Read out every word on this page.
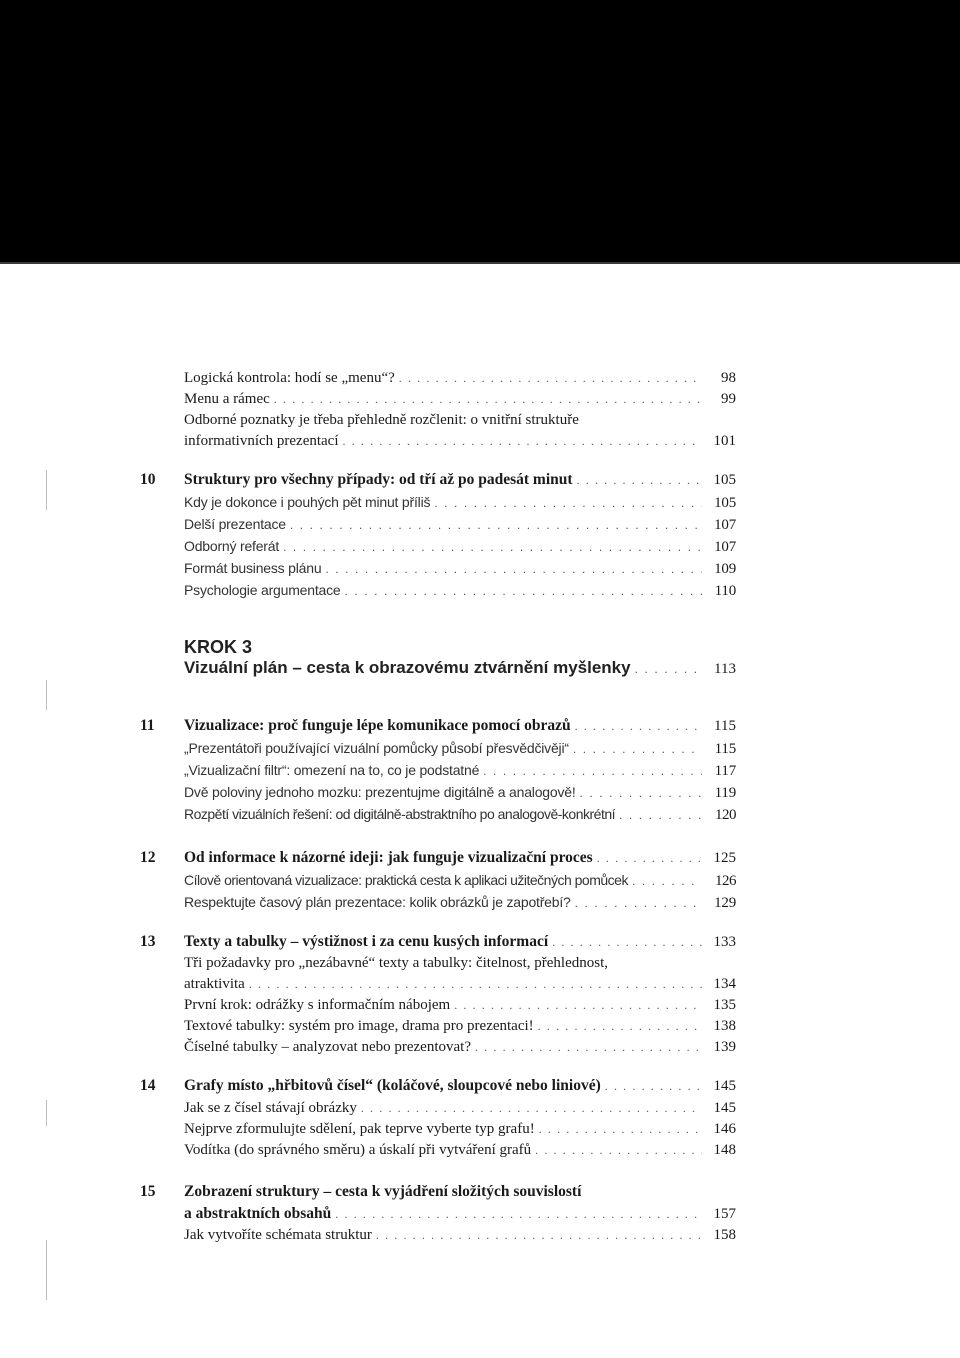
Logická kontrola: hodí se „menu“? . . .	98
Menu a rámec . . .	99
Odborné poznatky je třeba přehledně rozčlenit: o vnitřní struktuře
informativních prezentací . . .	101
10	Struktury pro všechny případy: od tří až po padesát minut . . .	105
Kdy je dokonce i pouhých pět minut příliš . . .	105
Delší prezentace . . .	107
Odborný referát . . .	107
Formát business plánu . . .	109
Psychologie argumentace . . .	110
KROK 3
Vizuální plán – cesta k obrazovému ztvárnění myšlenky . . .	113
11	Vizualizace: proč funguje lépe komunikace pomocí obrazů . . .	115
„Prezentátoři používající vizuální pomůcky působí přesvědčivěji“ . . .	115
„Vizualizační filtr“: omezení na to, co je podstatné . . .	117
Dvě poloviny jednoho mozku: prezentujme digitálně a analogově! . . .	119
Rozpětí vizuálních řešení: od digitálně-abstraktního po analogově-konkrétní . . .	120
12	Od informace k názorné ideji: jak funguje vizualizační proces . . .	125
Cílově orientovaná vizualizace: praktická cesta k aplikaci užitečných pomůcek . . .	126
Respektujte časový plán prezentace: kolik obrázků je zapotřebí? . . .	129
13	Texty a tabulky – výstižnost i za cenu kusých informací . . .	133
Tři požadavky pro „nezábavné“ texty a tabulky: čitelnost, přehlednost,
atraktivita . . .	134
První krok: odrážky s informačním nábojem . . .	135
Textové tabulky: systém pro image, drama pro prezentaci! . . .	138
Číselné tabulky – analyzovat nebo prezentovat? . . .	139
14	Grafy místo „hřbitovů čísel“ (koláčové, sloupcové nebo liniové) . . .	145
Jak se z čísel stávají obrázky . . .	145
Nejprve zformulujte sdělení, pak teprve vyberte typ grafu! . . .	146
Vodítka (do správného směru) a úskalí při vytváření grafů . . .	148
15	Zobrazení struktury – cesta k vyjádření složitých souvislostí
a abstraktních obsahů . . .	157
Jak vytvoříte schémata struktur . . .	158
